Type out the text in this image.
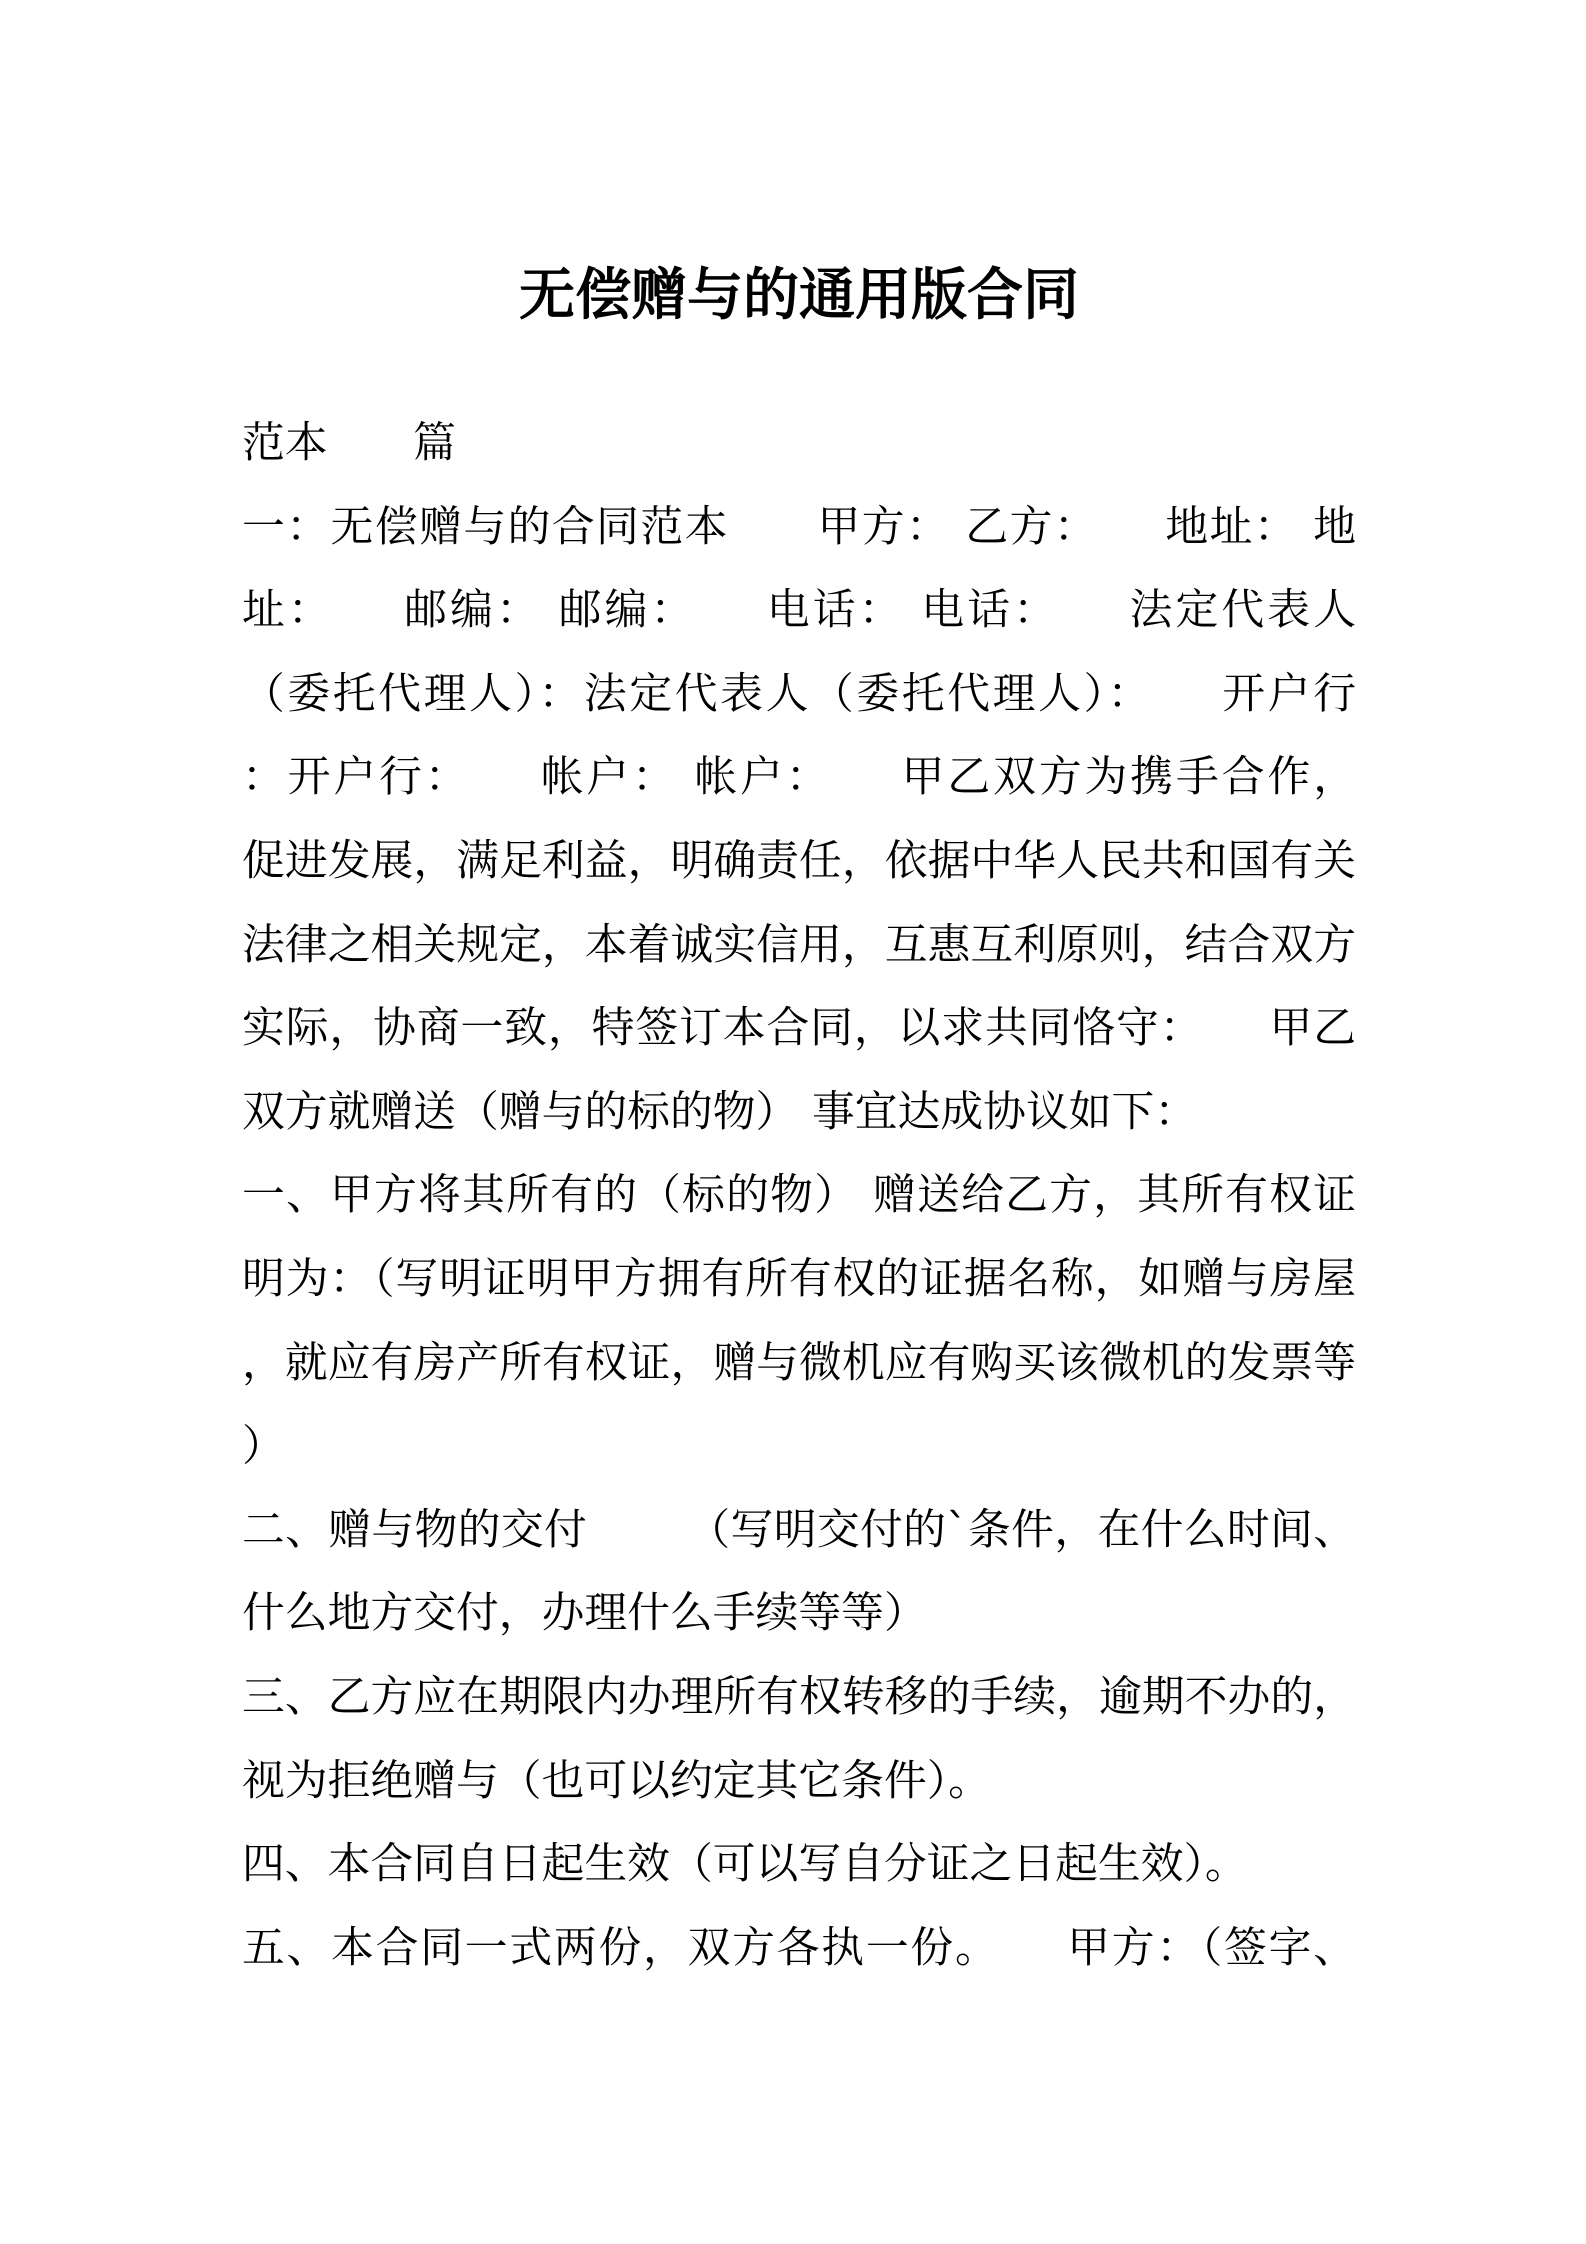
无偿赠与的通用版合同
范本　　篇
一：无偿赠与的合同范本　　甲方： 乙方：　　地址： 地
址：　　邮编： 邮编：　　电话： 电话：　　法定代表人
（委托代理人）：法定代表人（委托代理人）：　　开户行
：开户行：　　帐户： 帐户：　　甲乙双方为携手合作，
促进发展，满足利益，明确责任，依据中华人民共和国有关
法律之相关规定，本着诚实信用，互惠互利原则，结合双方
实际，协商一致，特签订本合同，以求共同恪守：　　甲乙
双方就赠送（赠与的标的物） 事宜达成协议如下：
一、甲方将其所有的（标的物） 赠送给乙方，其所有权证
明为：（写明证明甲方拥有所有权的证据名称，如赠与房屋
，就应有房产所有权证，赠与微机应有购买该微机的发票等
）
二、赠与物的交付　　 （写明交付的`条件，在什么时间、
什么地方交付，办理什么手续等等）
三、乙方应在期限内办理所有权转移的手续，逾期不办的，
视为拒绝赠与（也可以约定其它条件）。
四、本合同自日起生效（可以写自分证之日起生效）。
五、本合同一式两份，双方各执一份。　　甲方：（签字、
